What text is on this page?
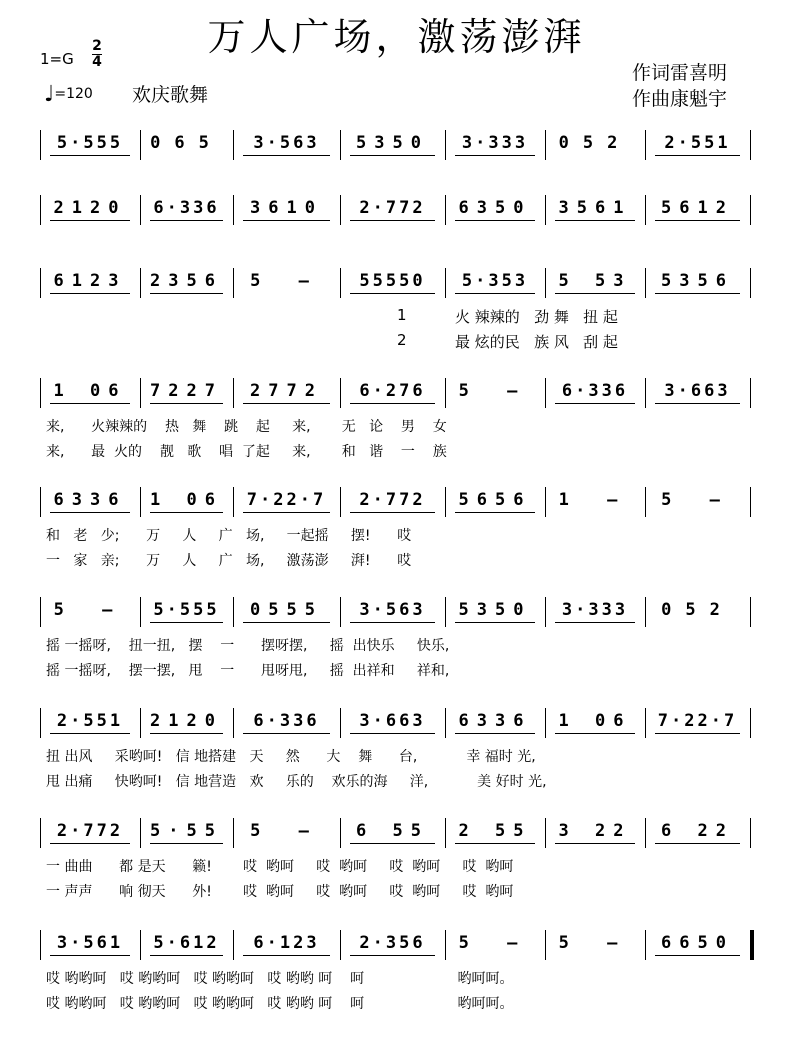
万人广场，激荡澎湃
1=G
2
4
♩=120 欢庆歌舞
作词雷喜明
作曲康魁宇
5·555 065 3·563 5350 3·333 052 2·551
2120 6·336 3610 2·772 6350 3561 5612
6123 2356 5 – 55550 5·353 5 53 5356
1	火 辣辣的   劲 舞   扭 起
2	最 炫的民   族 风   刮 起
1 06 7227 2772 6·276 5 – 6·336 3·663
来,      火辣辣的    热   舞    跳    起     来,       无   论    男    女
来,      最  火的    靓   歌    唱  了起     来,       和   谐    一    族
6336 1 06 7·22·7 2·772 5656 1 – 5 –
和   老   少;      万     人     广   场,     一起摇     摆!      哎
一   家   亲;      万     人     广   场,     激荡澎     湃!      哎
5 – 5·555 0555 3·563 5350 3·333 052
摇 一摇呀,    扭一扭,   摆    一      摆呀摆,     摇  出快乐     快乐,
摇 一摇呀,    摆一摆,   甩    一      甩呀甩,     摇  出祥和     祥和,
2·551 2120 6·336 3·663 6336 1 06 7·22·7
扭 出风     采哟呵!   信 地搭建   天     然      大    舞      台,           幸 福时 光,
甩 出痛     快哟呵!   信 地营造   欢     乐的    欢乐的海     洋,           美 好时 光,
2·772 5·55 5 – 6 55 2 55 3 22 6 22
一 曲曲      都 是天      籁!       哎  哟呵     哎  哟呵     哎  哟呵     哎  哟呵
一 声声      响 彻天      外!       哎  哟呵     哎  哟呵     哎  哟呵     哎  哟呵
3·561 5·612 6·123 2·356 5 – 5 – 6650
哎 哟哟呵   哎 哟哟呵   哎 哟哟呵   哎 哟哟 呵    呵                     哟呵呵。
哎 哟哟呵   哎 哟哟呵   哎 哟哟呵   哎 哟哟 呵    呵                     哟呵呵。
